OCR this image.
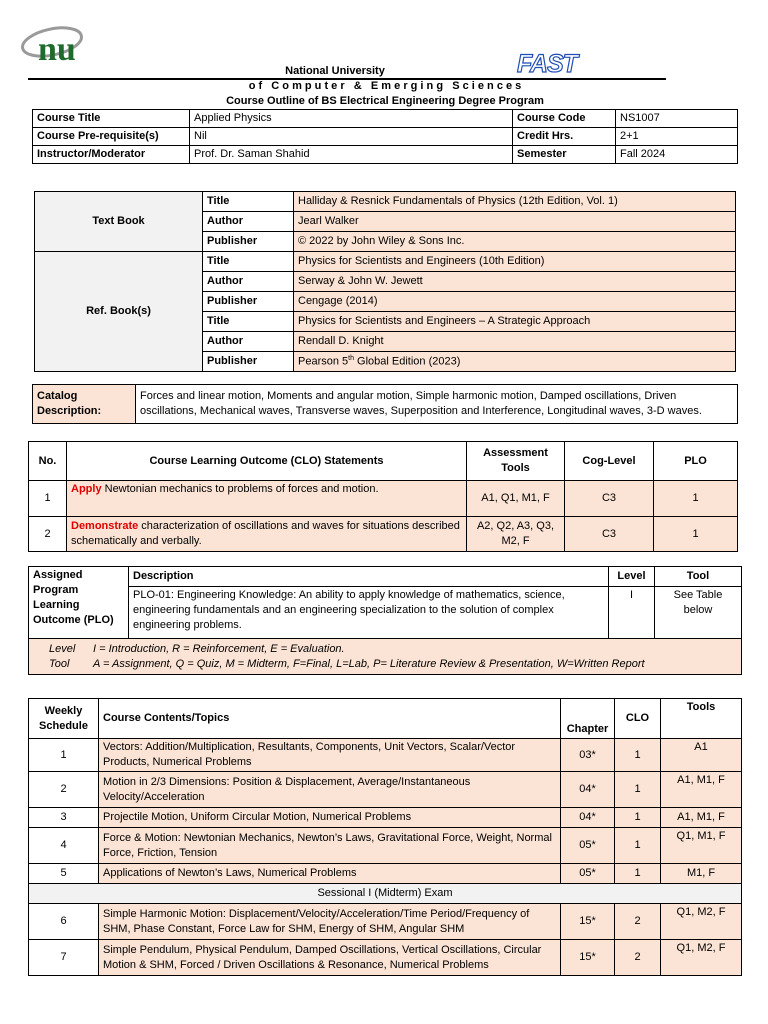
nu	FAST
National University
o f   C o m p u t e r   &   E m e r g i n g   S c i e n c e s
Course Outline of BS Electrical Engineering Degree Program
Course Title	Applied Physics	Course Code	NS1007
Course Pre-requisite(s)	Nil	Credit Hrs.	2+1
Instructor/Moderator	Prof. Dr. Saman Shahid	Semester	Fall 2024
Text Book	Title	Halliday & Resnick Fundamentals of Physics (12th Edition, Vol. 1)
	Author	Jearl Walker
	Publisher	© 2022 by John Wiley & Sons Inc.
Ref. Book(s)	Title	Physics for Scientists and Engineers (10th Edition)
	Author	Serway & John W. Jewett
	Publisher	Cengage (2014)
	Title	Physics for Scientists and Engineers – A Strategic Approach
	Author	Rendall D. Knight
	Publisher	Pearson 5th Global Edition (2023)
Catalog Description:	Forces and linear motion, Moments and angular motion, Simple harmonic motion, Damped oscillations, Driven oscillations, Mechanical waves, Transverse waves, Superposition and Interference, Longitudinal waves, 3-D waves.
No.	Course Learning Outcome (CLO) Statements	Assessment Tools	Cog-Level	PLO
1	Apply Newtonian mechanics to problems of forces and motion.	A1, Q1, M1, F	C3	1
2	Demonstrate characterization of oscillations and waves for situations described schematically and verbally.	A2, Q2, A3, Q3, M2, F	C3	1
Assigned Program Learning Outcome (PLO)	Description	Level	Tool
	PLO-01: Engineering Knowledge: An ability to apply knowledge of mathematics, science, engineering fundamentals and an engineering specialization to the solution of complex engineering problems.	I	See Table below

Level I = Introduction, R = Reinforcement, E = Evaluation.
Tool A = Assignment, Q = Quiz, M = Midterm, F=Final, L=Lab, P= Literature Review & Presentation, W=Written Report			
Weekly Schedule	Course Contents/Topics	Chapter	CLO	Tools
1	Vectors: Addition/Multiplication, Resultants, Components, Unit Vectors, Scalar/Vector Products, Numerical Problems	03*	1	A1
2	Motion in 2/3 Dimensions: Position & Displacement, Average/Instantaneous Velocity/Acceleration	04*	1	A1, M1, F
3	Projectile Motion, Uniform Circular Motion, Numerical Problems	04*	1	A1, M1, F
4	Force & Motion: Newtonian Mechanics, Newton’s Laws, Gravitational Force, Weight, Normal Force, Friction, Tension	05*	1	Q1, M1, F
5	Applications of Newton’s Laws, Numerical Problems	05*	1	M1, F
Sessional I (Midterm) Exam				
6	Simple Harmonic Motion: Displacement/Velocity/Acceleration/Time Period/Frequency of SHM, Phase Constant, Force Law for SHM, Energy of SHM, Angular SHM	15*	2	Q1, M2, F
7	Simple Pendulum, Physical Pendulum, Damped Oscillations, Vertical Oscillations, Circular Motion & SHM, Forced / Driven Oscillations & Resonance, Numerical Problems	15*	2	Q1, M2, F
